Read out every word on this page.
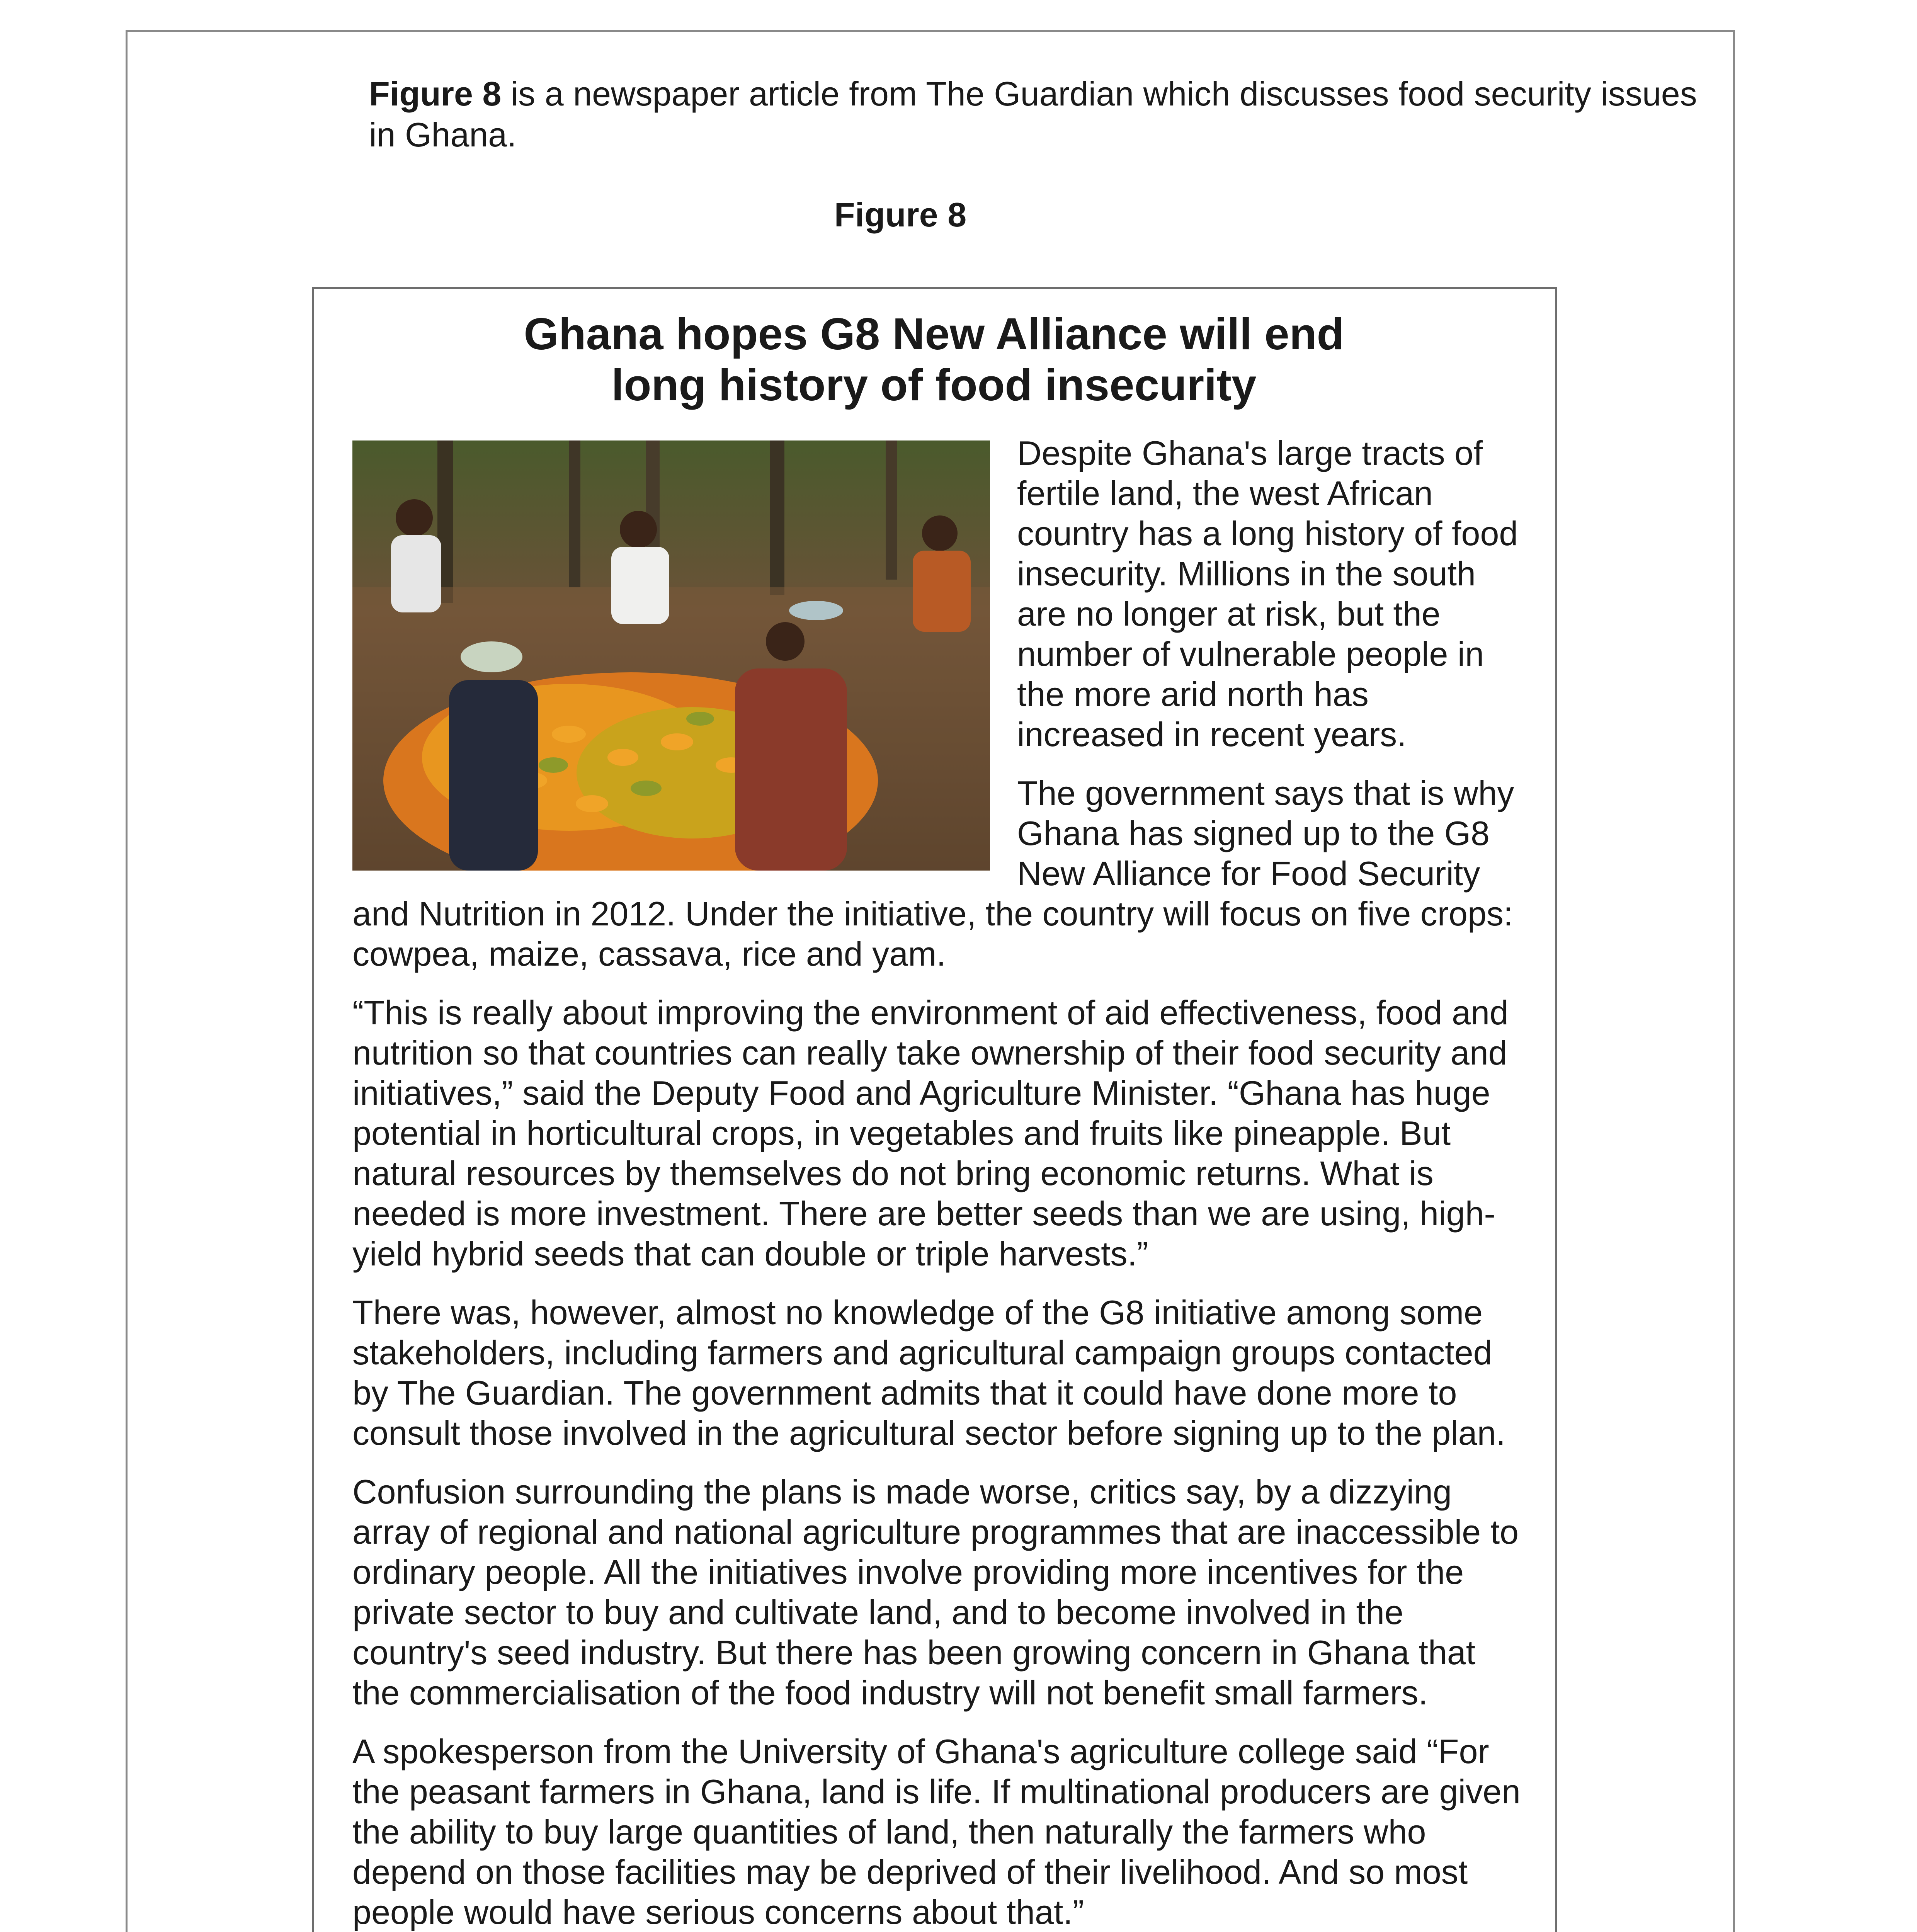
Figure 8 is a newspaper article from The Guardian which discusses food security issues in Ghana.

Figure 8

Ghana hopes G8 New Alliance will end
long history of food insecurity

Despite Ghana's large tracts of fertile land, the west African country has a long history of food insecurity. Millions in the south are no longer at risk, but the number of vulnerable people in the more arid north has increased in recent years.

The government says that is why Ghana has signed up to the G8 New Alliance for Food Security and Nutrition in 2012. Under the initiative, the country will focus on five crops: cowpea, maize, cassava, rice and yam.

“This is really about improving the environment of aid effectiveness, food and nutrition so that countries can really take ownership of their food security and initiatives,” said the Deputy Food and Agriculture Minister. “Ghana has huge potential in horticultural crops, in vegetables and fruits like pineapple. But natural resources by themselves do not bring economic returns. What is needed is more investment. There are better seeds than we are using, high-yield hybrid seeds that can double or triple harvests.”

There was, however, almost no knowledge of the G8 initiative among some stakeholders, including farmers and agricultural campaign groups contacted by The Guardian. The government admits that it could have done more to consult those involved in the agricultural sector before signing up to the plan.

Confusion surrounding the plans is made worse, critics say, by a dizzying array of regional and national agriculture programmes that are inaccessible to ordinary people. All the initiatives involve providing more incentives for the private sector to buy and cultivate land, and to become involved in the country's seed industry. But there has been growing concern in Ghana that the commercialisation of the food industry will not benefit small farmers.

A spokesperson from the University of Ghana's agriculture college said “For the peasant farmers in Ghana, land is life. If multinational producers are given the ability to buy large quantities of land, then naturally the farmers who depend on those facilities may be deprived of their livelihood. And so most people would have serious concerns about that.”
